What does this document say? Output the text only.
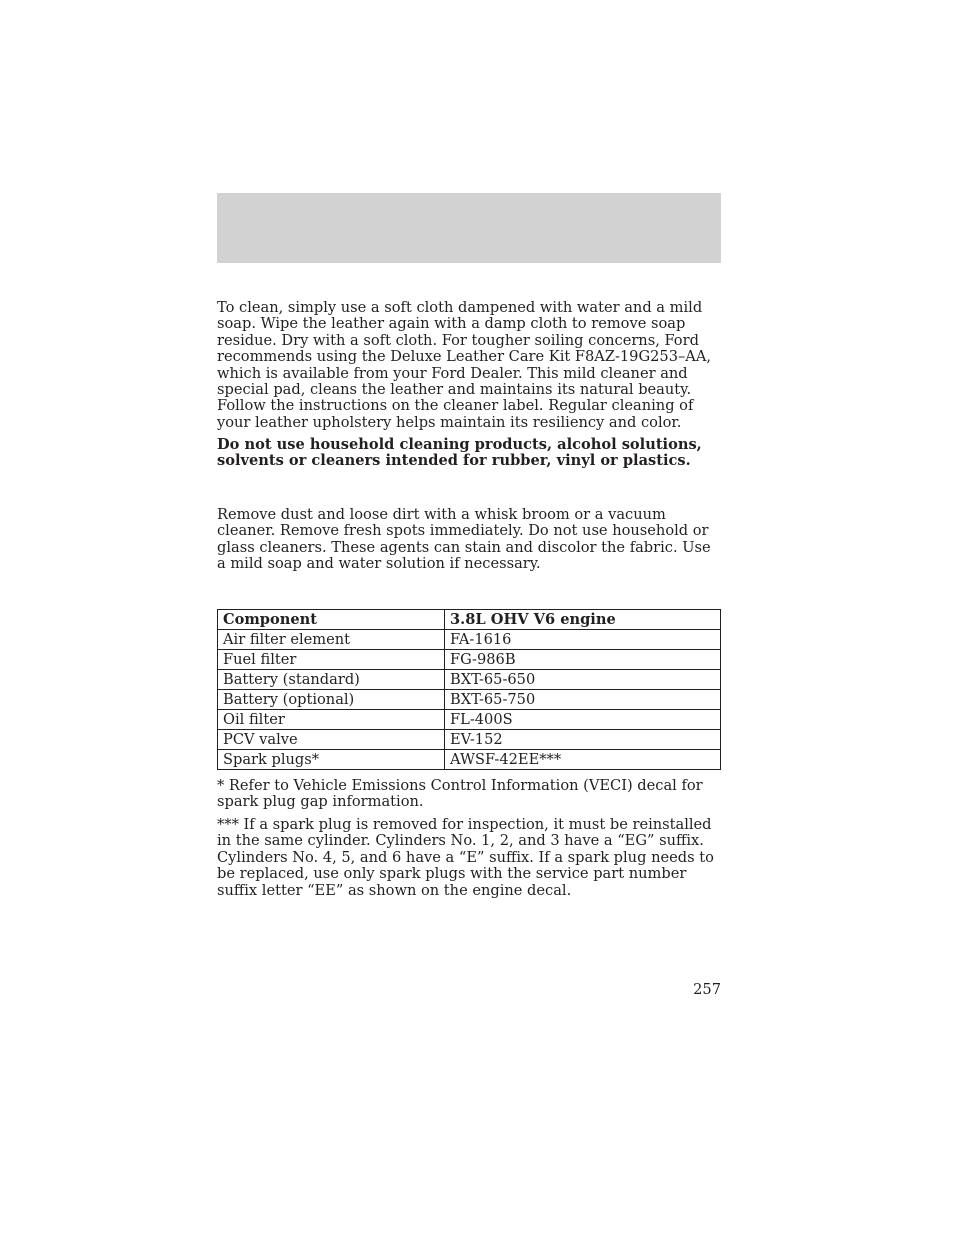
To clean, simply use a soft cloth dampened with water and a mild soap. Wipe the leather again with a damp cloth to remove soap residue. Dry with a soft cloth. For tougher soiling concerns, Ford recommends using the Deluxe Leather Care Kit F8AZ-19G253–AA, which is available from your Ford Dealer. This mild cleaner and special pad, cleans the leather and maintains its natural beauty. Follow the instructions on the cleaner label. Regular cleaning of your leather upholstery helps maintain its resiliency and color.

Do not use household cleaning products, alcohol solutions, solvents or cleaners intended for rubber, vinyl or plastics.

Remove dust and loose dirt with a whisk broom or a vacuum cleaner. Remove fresh spots immediately. Do not use household or glass cleaners. These agents can stain and discolor the fabric. Use a mild soap and water solution if necessary.

Component	3.8L OHV V6 engine
Air filter element	FA-1616
Fuel filter	FG-986B
Battery (standard)	BXT-65-650
Battery (optional)	BXT-65-750
Oil filter	FL-400S
PCV valve	EV-152
Spark plugs*	AWSF-42EE***

* Refer to Vehicle Emissions Control Information (VECI) decal for spark plug gap information.

*** If a spark plug is removed for inspection, it must be reinstalled in the same cylinder. Cylinders No. 1, 2, and 3 have a “EG” suffix. Cylinders No. 4, 5, and 6 have a “E” suffix. If a spark plug needs to be replaced, use only spark plugs with the service part number suffix letter “EE” as shown on the engine decal.

257
